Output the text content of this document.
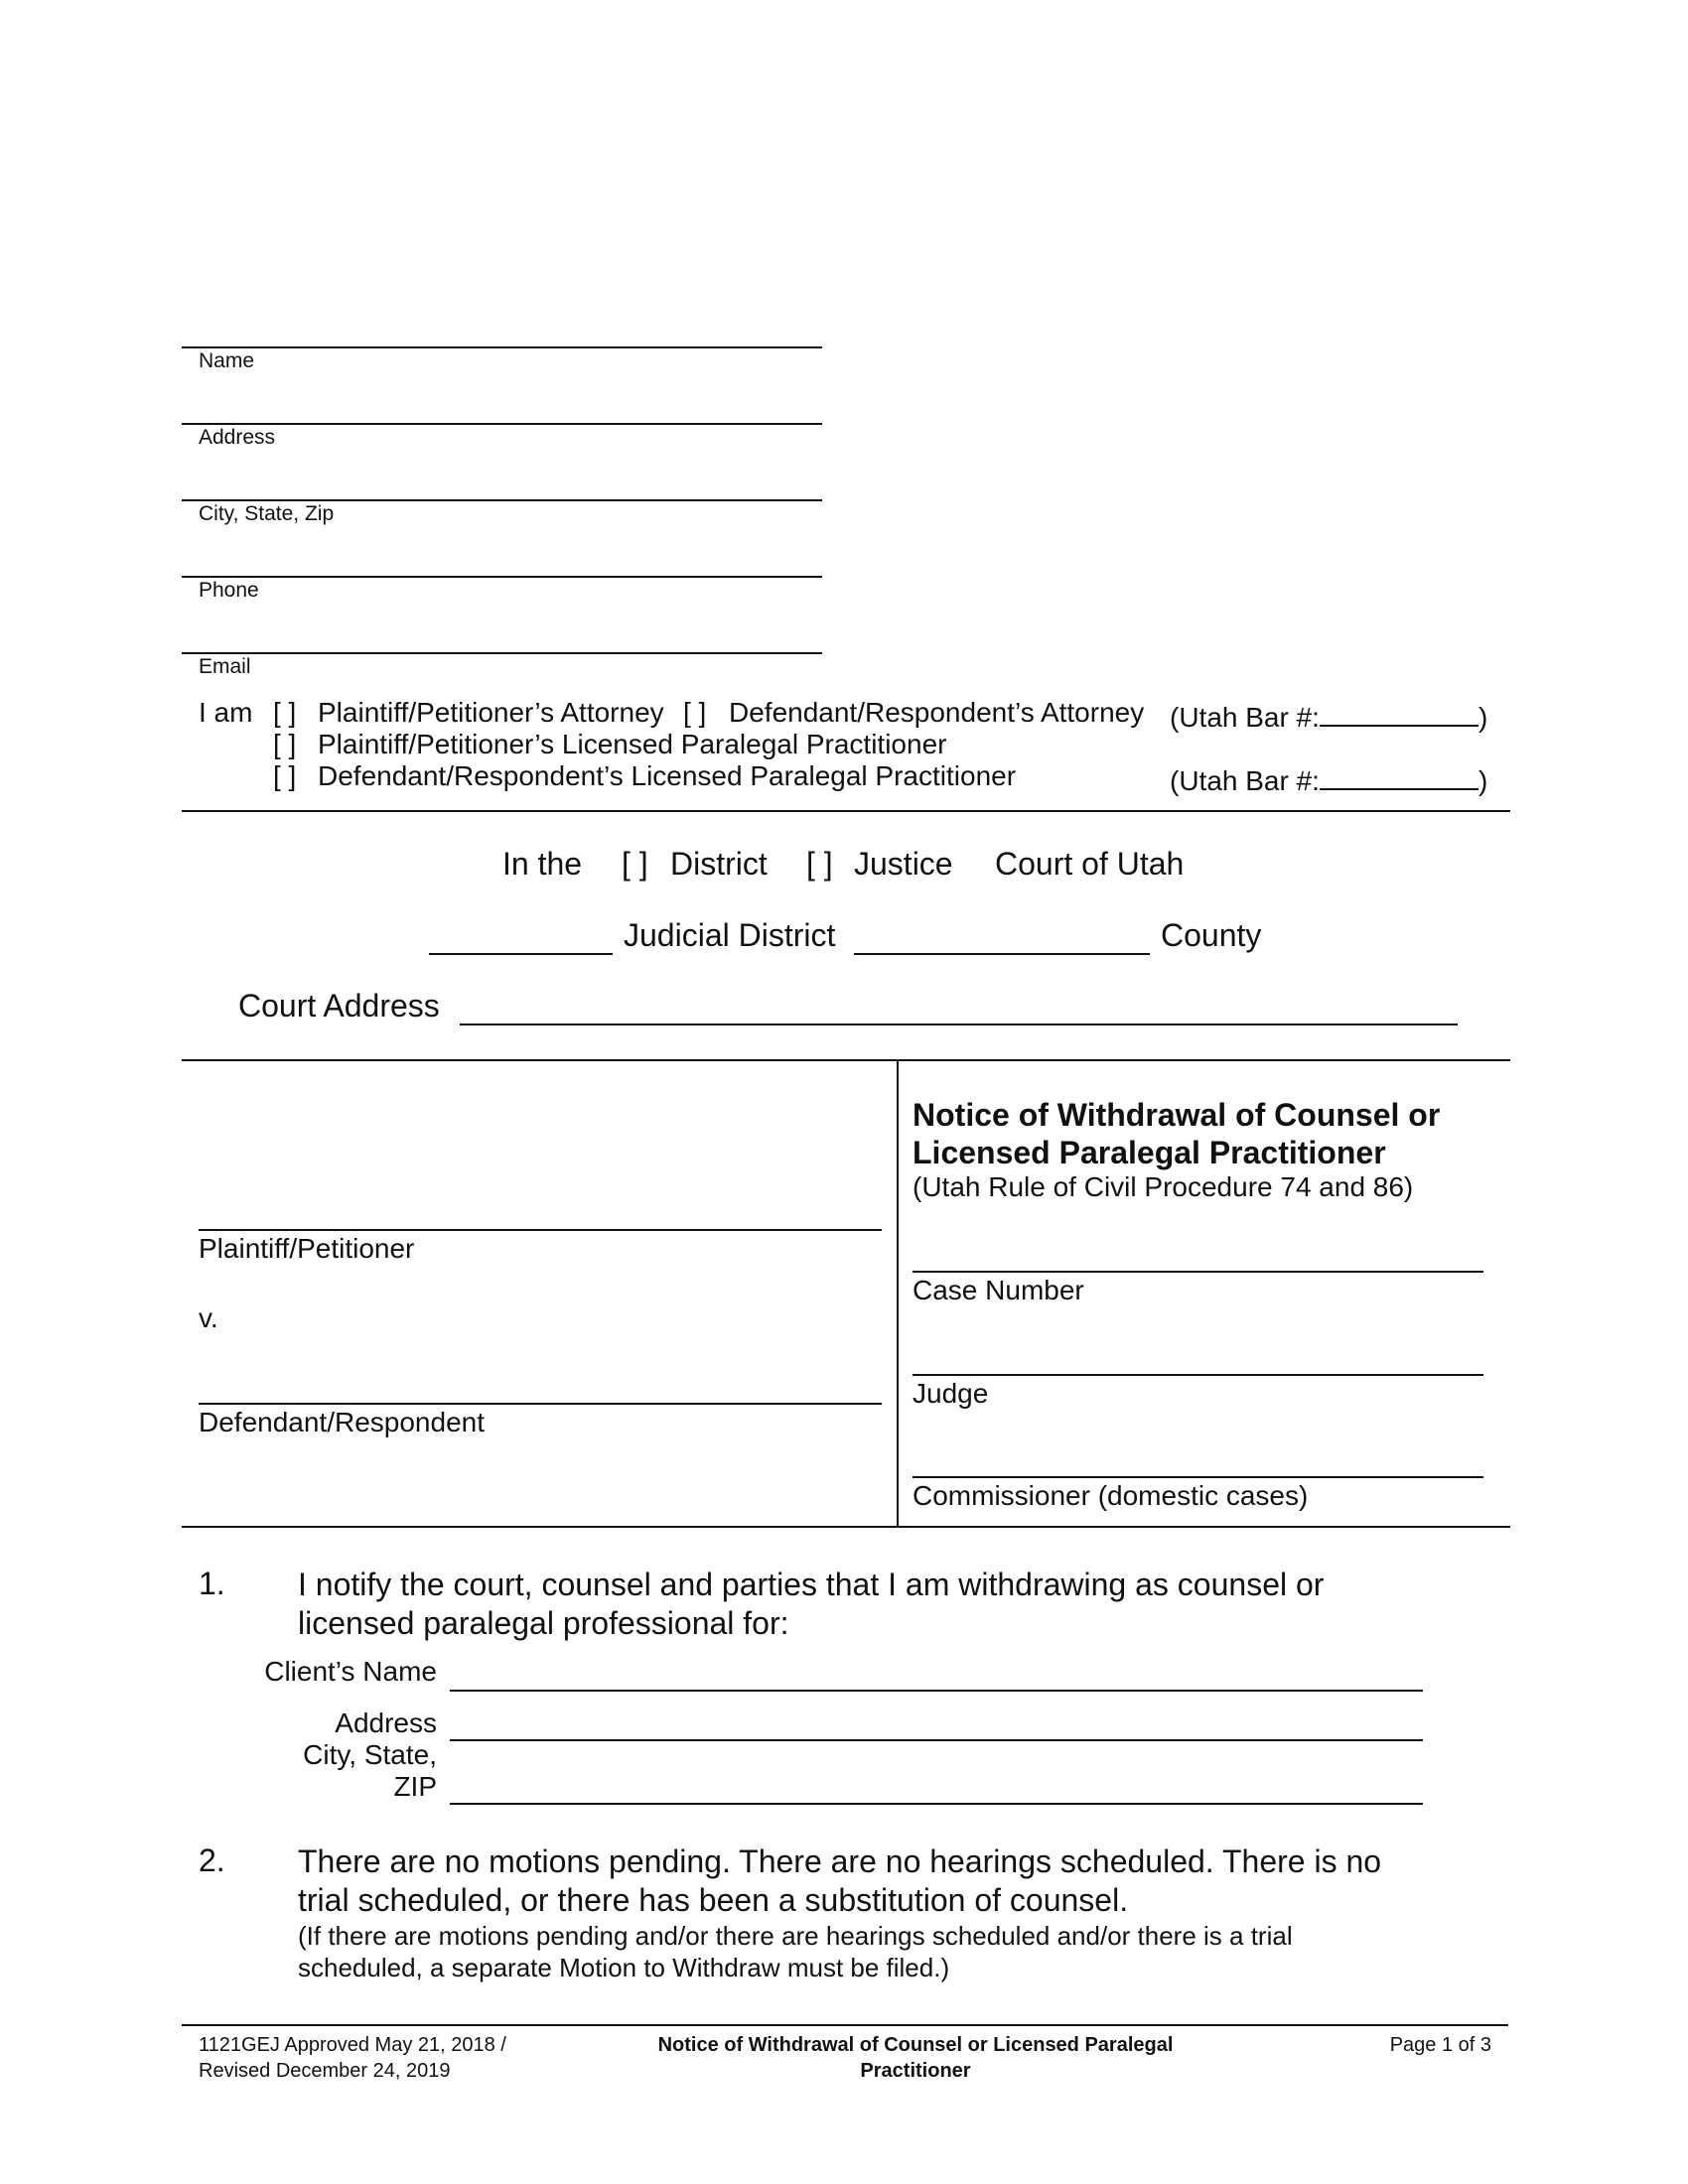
Name
Address
City, State, Zip
Phone
Email
I am [ ] Plaintiff/Petitioner’s Attorney [ ] Defendant/Respondent’s Attorney (Utah Bar #:	)
[ ] Plaintiff/Petitioner’s Licensed Paralegal Practitioner
[ ] Defendant/Respondent’s Licensed Paralegal Practitioner	(Utah Bar #:	)
In the [ ] District [ ] Justice Court of Utah
Judicial District	County
Court Address
Notice of Withdrawal of Counsel or
Licensed Paralegal Practitioner
(Utah Rule of Civil Procedure 74 and 86)
Plaintiff/Petitioner
v.
Defendant/Respondent
Case Number
Judge
Commissioner (domestic cases)
1. I notify the court, counsel and parties that I am withdrawing as counsel or
licensed paralegal professional for:
Client’s Name
Address
City, State,
ZIP
2. There are no motions pending. There are no hearings scheduled. There is no
trial scheduled, or there has been a substitution of counsel.
(If there are motions pending and/or there are hearings scheduled and/or there is a trial
scheduled, a separate Motion to Withdraw must be filed.)
1121GEJ Approved May 21, 2018 /
Revised December 24, 2019
Notice of Withdrawal of Counsel or Licensed Paralegal
Practitioner
Page 1 of 3
